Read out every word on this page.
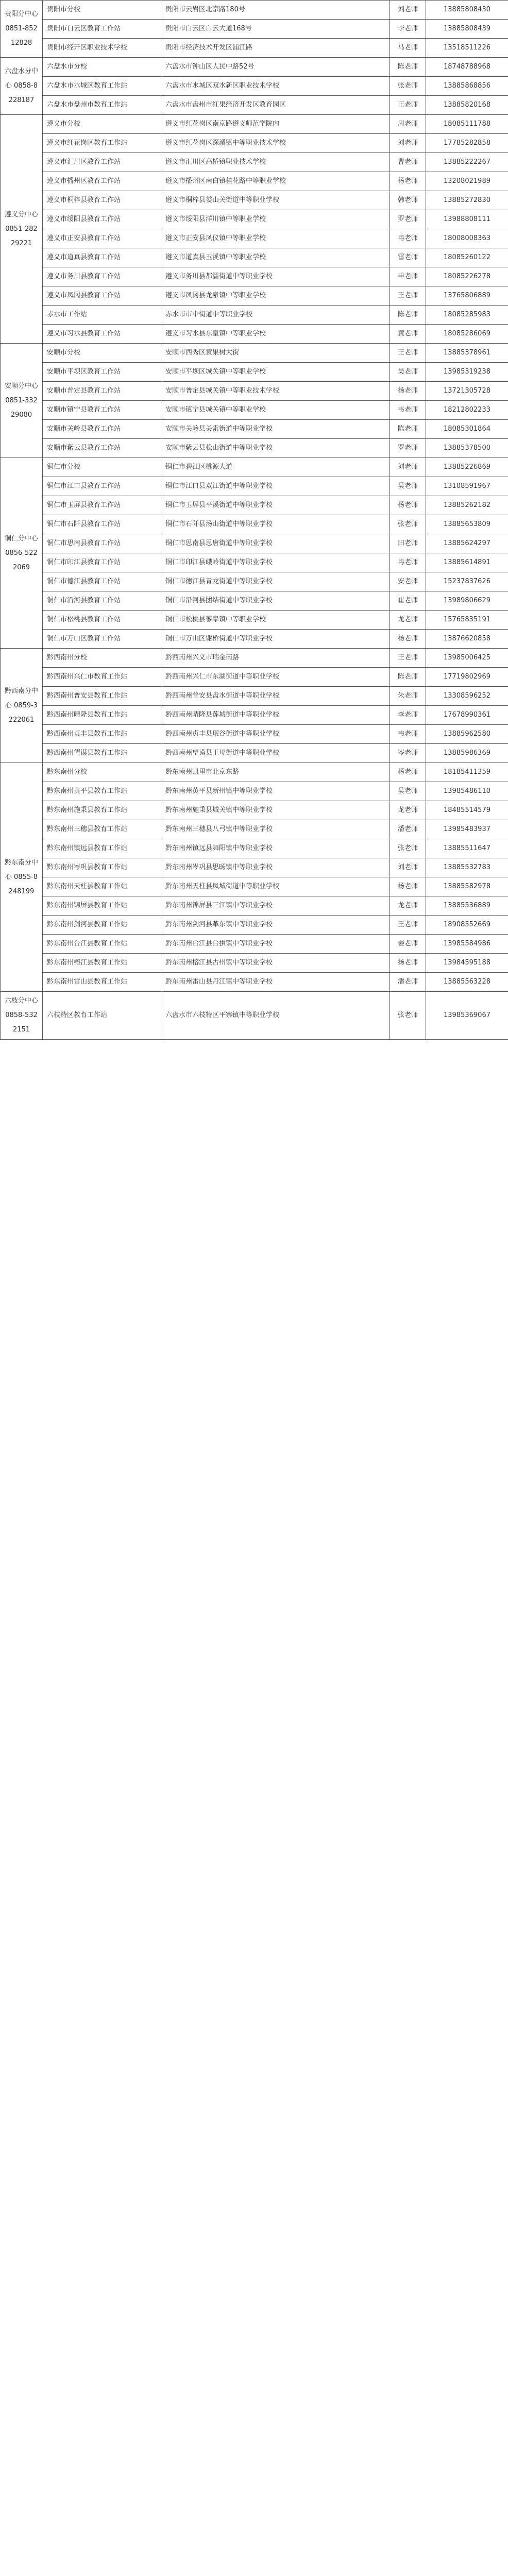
贵阳分中心 0851-85212828	贵阳市分校	贵阳市云岩区北京路180号	刘老师	13885808430
	贵阳市白云区教育工作站	贵阳市白云区白云大道168号	李老师	13885808439
	贵阳市经开区职业技术学校	贵阳市经济技术开发区浦江路	马老师	13518511226
六盘水分中心 0858-8228187	六盘水市分校	六盘水市钟山区人民中路52号	陈老师	18748788968
	六盘水市水城区教育工作站	六盘水市水城区双水新区职业技术学校	张老师	13885868856
	六盘水市盘州市教育工作站	六盘水市盘州市红果经济开发区教育园区	王老师	13885820168
遵义分中心 0851-28229221	遵义市分校	遵义市红花岗区南京路遵义师范学院内	周老师	18085111788
	遵义市红花岗区教育工作站	遵义市红花岗区深溪镇中等职业技术学校	刘老师	17785282858
	遵义市汇川区教育工作站	遵义市汇川区高桥镇职业技术学校	曹老师	13885222267
	遵义市播州区教育工作站	遵义市播州区南白镇桂花路中等职业学校	杨老师	13208021989
	遵义市桐梓县教育工作站	遵义市桐梓县娄山关街道中等职业学校	韩老师	13885272830
	遵义市绥阳县教育工作站	遵义市绥阳县洋川镇中等职业学校	罗老师	13988808111
	遵义市正安县教育工作站	遵义市正安县凤仪镇中等职业学校	冉老师	18008008363
	遵义市道真县教育工作站	遵义市道真县玉溪镇中等职业学校	雷老师	18085260122
	遵义市务川县教育工作站	遵义市务川县都濡街道中等职业学校	申老师	18085226278
	遵义市凤冈县教育工作站	遵义市凤冈县龙泉镇中等职业学校	王老师	13765806889
	赤水市工作站	赤水市市中街道中等职业学校	陈老师	18085285983
	遵义市习水县教育工作站	遵义市习水县东皇镇中等职业学校	黄老师	18085286069
安顺分中心 0851-33229080	安顺市分校	安顺市西秀区黄果树大街	王老师	13885378961
	安顺市平坝区教育工作站	安顺市平坝区城关镇中等职业学校	吴老师	13985319238
	安顺市普定县教育工作站	安顺市普定县城关镇中等职业技术学校	杨老师	13721305728
	安顺市镇宁县教育工作站	安顺市镇宁县城关镇中等职业学校	韦老师	18212802233
	安顺市关岭县教育工作站	安顺市关岭县关索街道中等职业学校	陈老师	18085301864
	安顺市紫云县教育工作站	安顺市紫云县松山街道中等职业学校	罗老师	13885378500
铜仁分中心 0856-5222069	铜仁市分校	铜仁市碧江区桃源大道	刘老师	13885226869
	铜仁市江口县教育工作站	铜仁市江口县双江街道中等职业学校	吴老师	13108591967
	铜仁市玉屏县教育工作站	铜仁市玉屏县平溪街道中等职业学校	杨老师	13885262182
	铜仁市石阡县教育工作站	铜仁市石阡县汤山街道中等职业学校	张老师	13885653809
	铜仁市思南县教育工作站	铜仁市思南县思唐街道中等职业学校	田老师	13885624297
	铜仁市印江县教育工作站	铜仁市印江县峨岭街道中等职业学校	冉老师	13885614891
	铜仁市德江县教育工作站	铜仁市德江县青龙街道中等职业学校	安老师	15237837626
	铜仁市沿河县教育工作站	铜仁市沿河县团结街道中等职业学校	崔老师	13989806629
	铜仁市松桃县教育工作站	铜仁市松桃县蓼皋镇中等职业学校	龙老师	15765835191
	铜仁市万山区教育工作站	铜仁市万山区谢桥街道中等职业学校	杨老师	13876620858
黔西南分中心 0859-3222061	黔西南州分校	黔西南州兴义市瑞金南路	王老师	13985006425
	黔西南州兴仁市教育工作站	黔西南州兴仁市东湖街道中等职业学校	陈老师	17719802969
	黔西南州普安县教育工作站	黔西南州普安县盘水街道中等职业学校	朱老师	13308596252
	黔西南州晴隆县教育工作站	黔西南州晴隆县莲城街道中等职业学校	李老师	17678990361
	黔西南州贞丰县教育工作站	黔西南州贞丰县珉谷街道中等职业学校	韦老师	13885962580
	黔西南州望谟县教育工作站	黔西南州望谟县王母街道中等职业学校	岑老师	13885986369
黔东南分中心 0855-8248199	黔东南州分校	黔东南州凯里市北京东路	杨老师	18185411359
	黔东南州黄平县教育工作站	黔东南州黄平县新州镇中等职业学校	吴老师	13985486110
	黔东南州施秉县教育工作站	黔东南州施秉县城关镇中等职业学校	龙老师	18485514579
	黔东南州三穗县教育工作站	黔东南州三穗县八弓镇中等职业学校	潘老师	13985483937
	黔东南州镇远县教育工作站	黔东南州镇远县舞阳镇中等职业学校	张老师	13885511647
	黔东南州岑巩县教育工作站	黔东南州岑巩县思旸镇中等职业学校	刘老师	13885532783
	黔东南州天柱县教育工作站	黔东南州天柱县凤城街道中等职业学校	杨老师	13885582978
	黔东南州锦屏县教育工作站	黔东南州锦屏县三江镇中等职业学校	龙老师	13885536889
	黔东南州剑河县教育工作站	黔东南州剑河县革东镇中等职业学校	王老师	18908552669
	黔东南州台江县教育工作站	黔东南州台江县台拱镇中等职业学校	姜老师	13985584986
	黔东南州榕江县教育工作站	黔东南州榕江县古州镇中等职业学校	杨老师	13984595188
	黔东南州雷山县教育工作站	黔东南州雷山县丹江镇中等职业学校	潘老师	13885563228
六枝分中心 0858-5322151	六枝特区教育工作站	六盘水市六枝特区平寨镇中等职业学校	张老师	13985369067
